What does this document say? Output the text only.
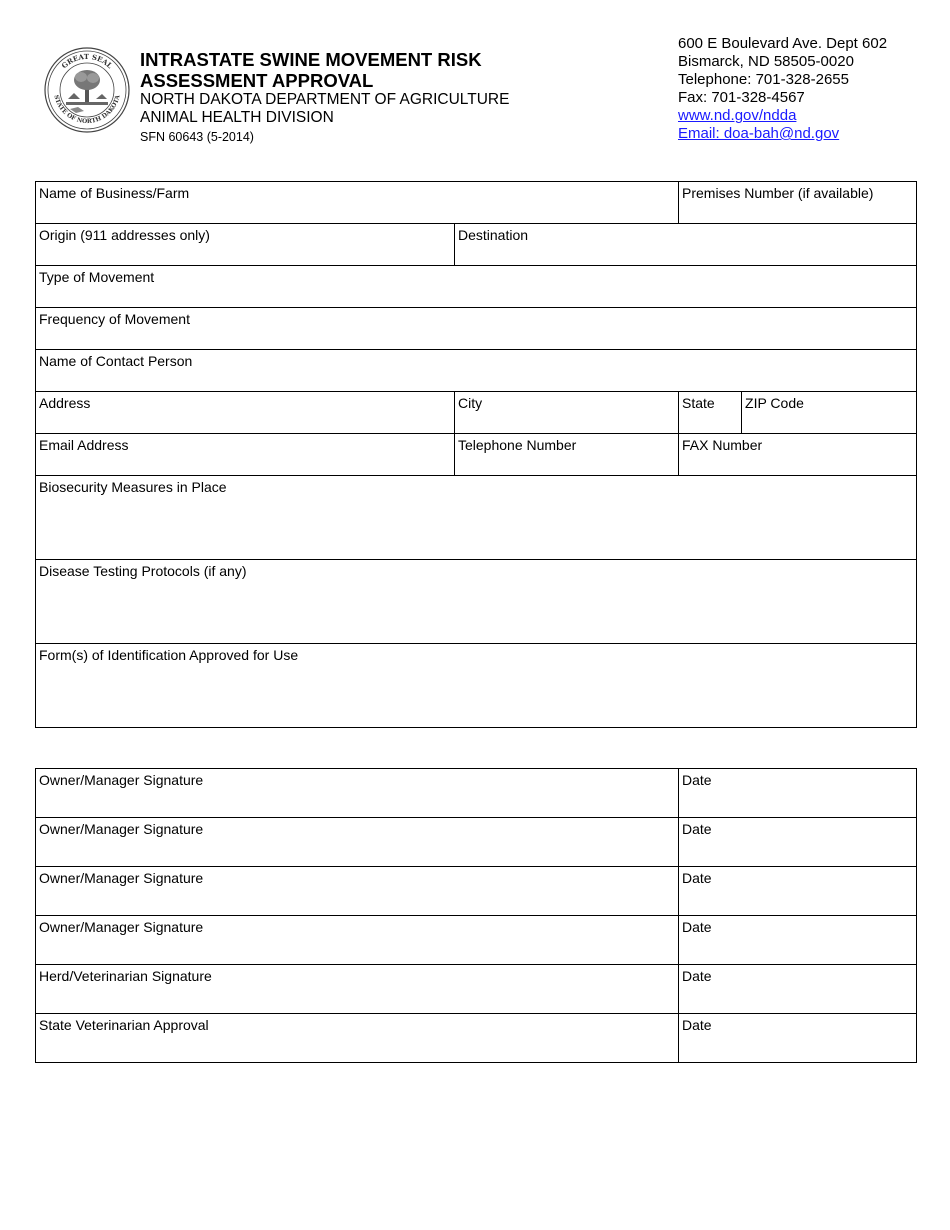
GREAT SEAL
STATE OF NORTH DAKOTA
INTRASTATE SWINE MOVEMENT RISK
ASSESSMENT APPROVAL
NORTH DAKOTA DEPARTMENT OF AGRICULTURE
ANIMAL HEALTH DIVISION
SFN 60643 (5-2014)
600 E Boulevard Ave. Dept 602
Bismarck, ND 58505-0020
Telephone: 701-328-2655
Fax: 701-328-4567
www.nd.gov/ndda
Email: doa-bah@nd.gov
Name of Business/Farm		Premises Number (if available)	
Origin (911 addresses only)	Destination		
Type of Movement			
Frequency of Movement			
Name of Contact Person			
Address	City	State	ZIP Code
Email Address	Telephone Number	FAX Number	
Biosecurity Measures in Place			
Disease Testing Protocols (if any)			
Form(s) of Identification Approved for Use			
Owner/Manager Signature	Date
Owner/Manager Signature	Date
Owner/Manager Signature	Date
Owner/Manager Signature	Date
Herd/Veterinarian Signature	Date
State Veterinarian Approval	Date
